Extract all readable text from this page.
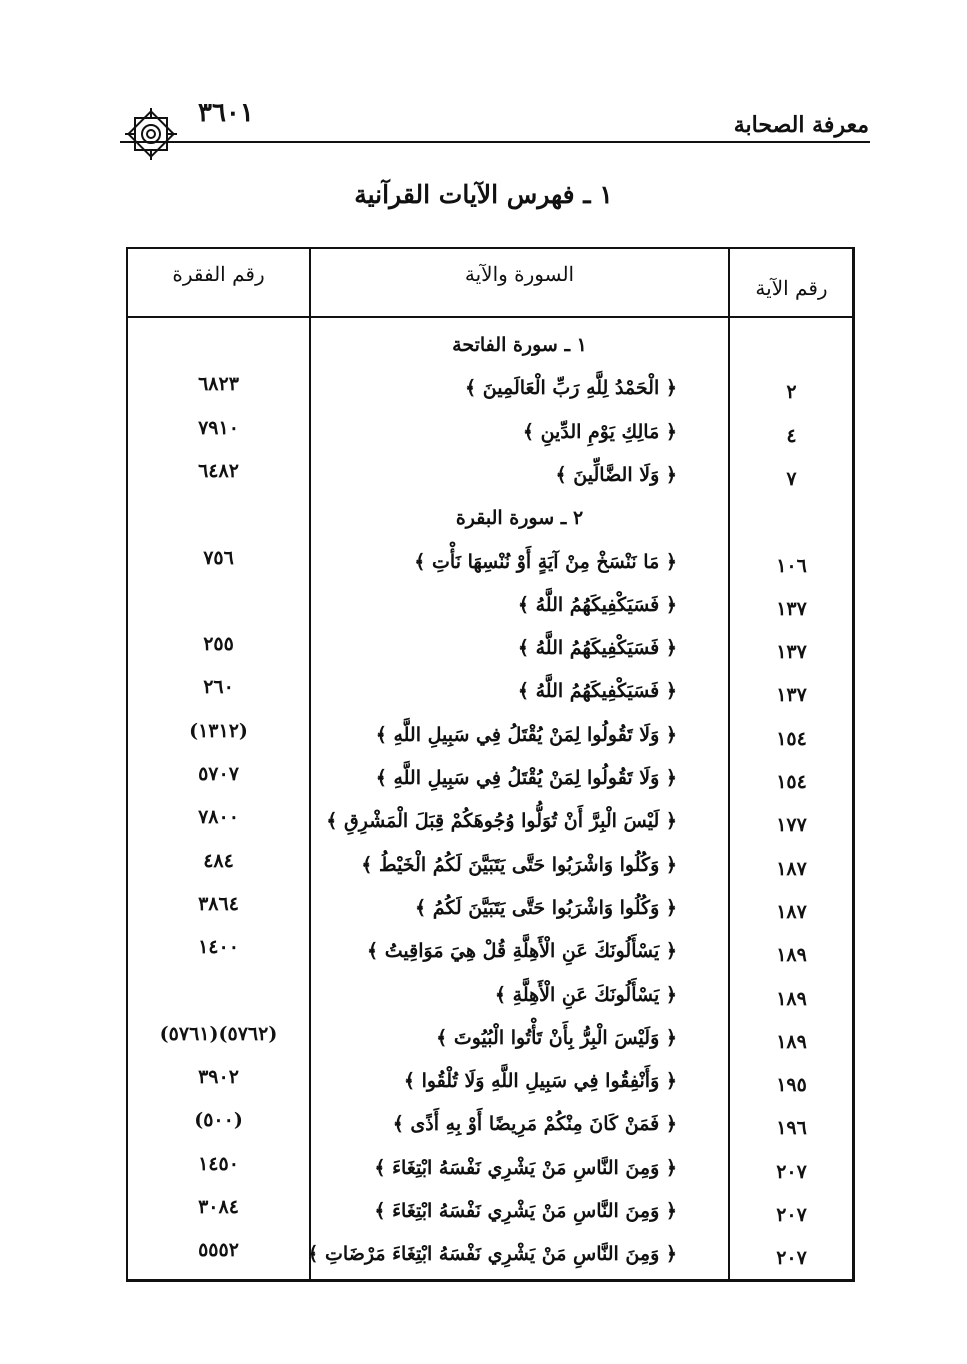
معرفة الصحابة
٣٦٠١
١ ـ فهرس الآيات القرآنية
رقم الفقرة	السورة والآية
رقم الآية
١ ـ سورة الفاتحة
٢
﴿ الْحَمْدُ لِلَّهِ رَبِّ الْعَالَمِينَ ﴾
٦٨٢٣
٤
﴿ مَالِكِ يَوْمِ الدِّينِ ﴾
٧٩١٠
٧
﴿ وَلَا الضَّالِّينَ ﴾
٦٤٨٢
٢ ـ سورة البقرة
١٠٦
﴿ مَا نَنْسَخْ مِنْ آيَةٍ أَوْ نُنْسِهَا نَأْتِ ﴾
٧٥٦
١٣٧
﴿ فَسَيَكْفِيكَهُمُ اللَّهُ ﴾
١٣٧
﴿ فَسَيَكْفِيكَهُمُ اللَّهُ ﴾
٢٥٥
١٣٧
﴿ فَسَيَكْفِيكَهُمُ اللَّهُ ﴾
٢٦٠
١٥٤
﴿ وَلَا تَقُولُوا لِمَنْ يُقْتَلُ فِي سَبِيلِ اللَّهِ ﴾
(١٣١٢)
١٥٤
﴿ وَلَا تَقُولُوا لِمَنْ يُقْتَلُ فِي سَبِيلِ اللَّهِ ﴾
٥٧٠٧
١٧٧
﴿ لَيْسَ الْبِرَّ أَنْ تُوَلُّوا وُجُوهَكُمْ قِبَلَ الْمَشْرِقِ ﴾
٧٨٠٠
١٨٧
﴿ وَكُلُوا وَاشْرَبُوا حَتَّى يَتَبَيَّنَ لَكُمُ الْخَيْطُ ﴾
٤٨٤
١٨٧
﴿ وَكُلُوا وَاشْرَبُوا حَتَّى يَتَبَيَّنَ لَكُمُ ﴾
٣٨٦٤
١٨٩
﴿ يَسْأَلُونَكَ عَنِ الْأَهِلَّةِ قُلْ هِيَ مَوَاقِيتُ ﴾
١٤٠٠
١٨٩
﴿ يَسْأَلُونَكَ عَنِ الْأَهِلَّةِ ﴾
١٨٩
﴿ وَلَيْسَ الْبِرُّ بِأَنْ تَأْتُوا الْبُيُوتَ ﴾
(٥٧٦٢)(٥٧٦١)
١٩٥
﴿ وَأَنْفِقُوا فِي سَبِيلِ اللَّهِ وَلَا تُلْقُوا ﴾
٣٩٠٢
١٩٦
﴿ فَمَنْ كَانَ مِنْكُمْ مَرِيضًا أَوْ بِهِ أَذًى ﴾
(٥٠٠)
٢٠٧
﴿ وَمِنَ النَّاسِ مَنْ يَشْرِي نَفْسَهُ ابْتِغَاءَ ﴾
١٤٥٠
٢٠٧
﴿ وَمِنَ النَّاسِ مَنْ يَشْرِي نَفْسَهُ ابْتِغَاءَ ﴾
٣٠٨٤
٢٠٧
﴿ وَمِنَ النَّاسِ مَنْ يَشْرِي نَفْسَهُ ابْتِغَاءَ مَرْضَاتِ ﴾
٥٥٥٢
